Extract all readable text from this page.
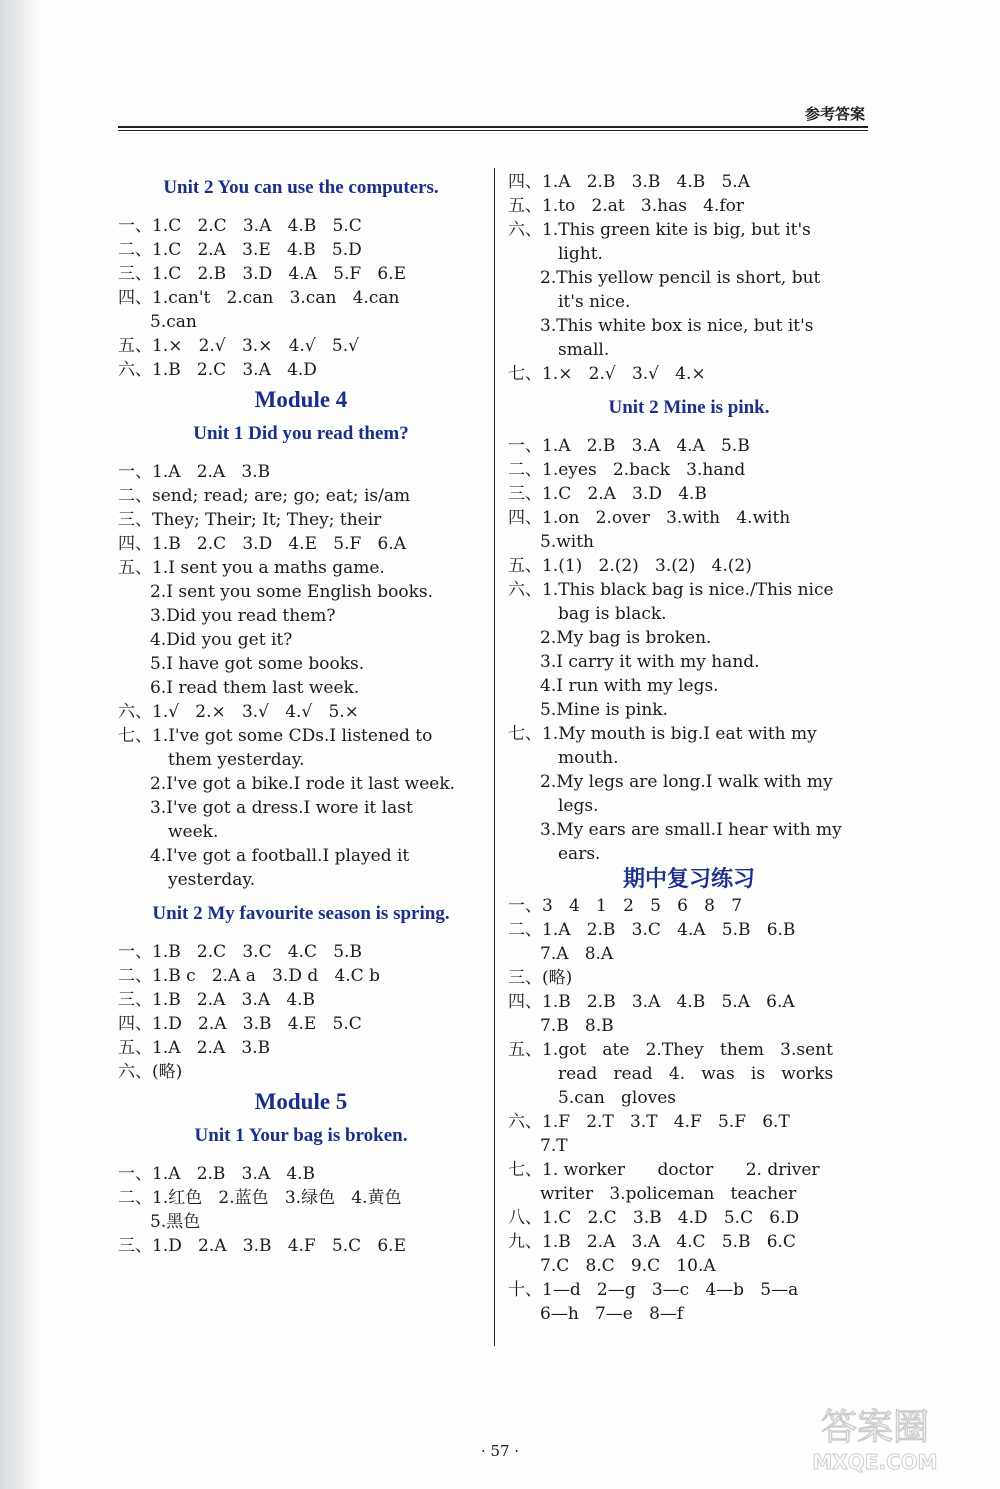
参考答案
Unit 2 You can use the computers.
一、1.C   2.C   3.A   4.B   5.C
二、1.C   2.A   3.E   4.B   5.D
三、1.C   2.B   3.D   4.A   5.F   6.E
四、1.can't   2.can   3.can   4.can
5.can
五、1.×   2.√   3.×   4.√   5.√
六、1.B   2.C   3.A   4.D
Module 4
Unit 1 Did you read them?
一、1.A   2.A   3.B
二、send; read; are; go; eat; is/am
三、They; Their; It; They; their
四、1.B   2.C   3.D   4.E   5.F   6.A
五、1.I sent you a maths game.
2.I sent you some English books.
3.Did you read them?
4.Did you get it?
5.I have got some books.
6.I read them last week.
六、1.√   2.×   3.√   4.√   5.×
七、1.I've got some CDs.I listened to
them yesterday.
2.I've got a bike.I rode it last week.
3.I've got a dress.I wore it last
week.
4.I've got a football.I played it
yesterday.
Unit 2 My favourite season is spring.
一、1.B   2.C   3.C   4.C   5.B
二、1.B c   2.A a   3.D d   4.C b
三、1.B   2.A   3.A   4.B
四、1.D   2.A   3.B   4.E   5.C
五、1.A   2.A   3.B
六、(略)
Module 5
Unit 1 Your bag is broken.
一、1.A   2.B   3.A   4.B
二、1.红色   2.蓝色   3.绿色   4.黄色
5.黑色
三、1.D   2.A   3.B   4.F   5.C   6.E
四、1.A   2.B   3.B   4.B   5.A
五、1.to   2.at   3.has   4.for
六、1.This green kite is big, but it's
light.
2.This yellow pencil is short, but
it's nice.
3.This white box is nice, but it's
small.
七、1.×   2.√   3.√   4.×
Unit 2 Mine is pink.
一、1.A   2.B   3.A   4.A   5.B
二、1.eyes   2.back   3.hand
三、1.C   2.A   3.D   4.B
四、1.on   2.over   3.with   4.with
5.with
五、1.(1)   2.(2)   3.(2)   4.(2)
六、1.This black bag is nice./This nice
bag is black.
2.My bag is broken.
3.I carry it with my hand.
4.I run with my legs.
5.Mine is pink.
七、1.My mouth is big.I eat with my
mouth.
2.My legs are long.I walk with my
legs.
3.My ears are small.I hear with my
ears.
期中复习练习
一、3   4   1   2   5   6   8   7
二、1.A   2.B   3.C   4.A   5.B   6.B
7.A   8.A
三、(略)
四、1.B   2.B   3.A   4.B   5.A   6.A
7.B   8.B
五、1.got   ate   2.They   them   3.sent
read   read   4.   was   is   works
5.can   gloves
六、1.F   2.T   3.T   4.F   5.F   6.T
7.T
七、1. worker      doctor      2. driver
writer   3.policeman   teacher
八、1.C   2.C   3.B   4.D   5.C   6.D
九、1.B   2.A   3.A   4.C   5.B   6.C
7.C   8.C   9.C   10.A
十、1—d   2—g   3—c   4—b   5—a
6—h   7—e   8—f
· 57 ·
答案圈
MXQE.COM
